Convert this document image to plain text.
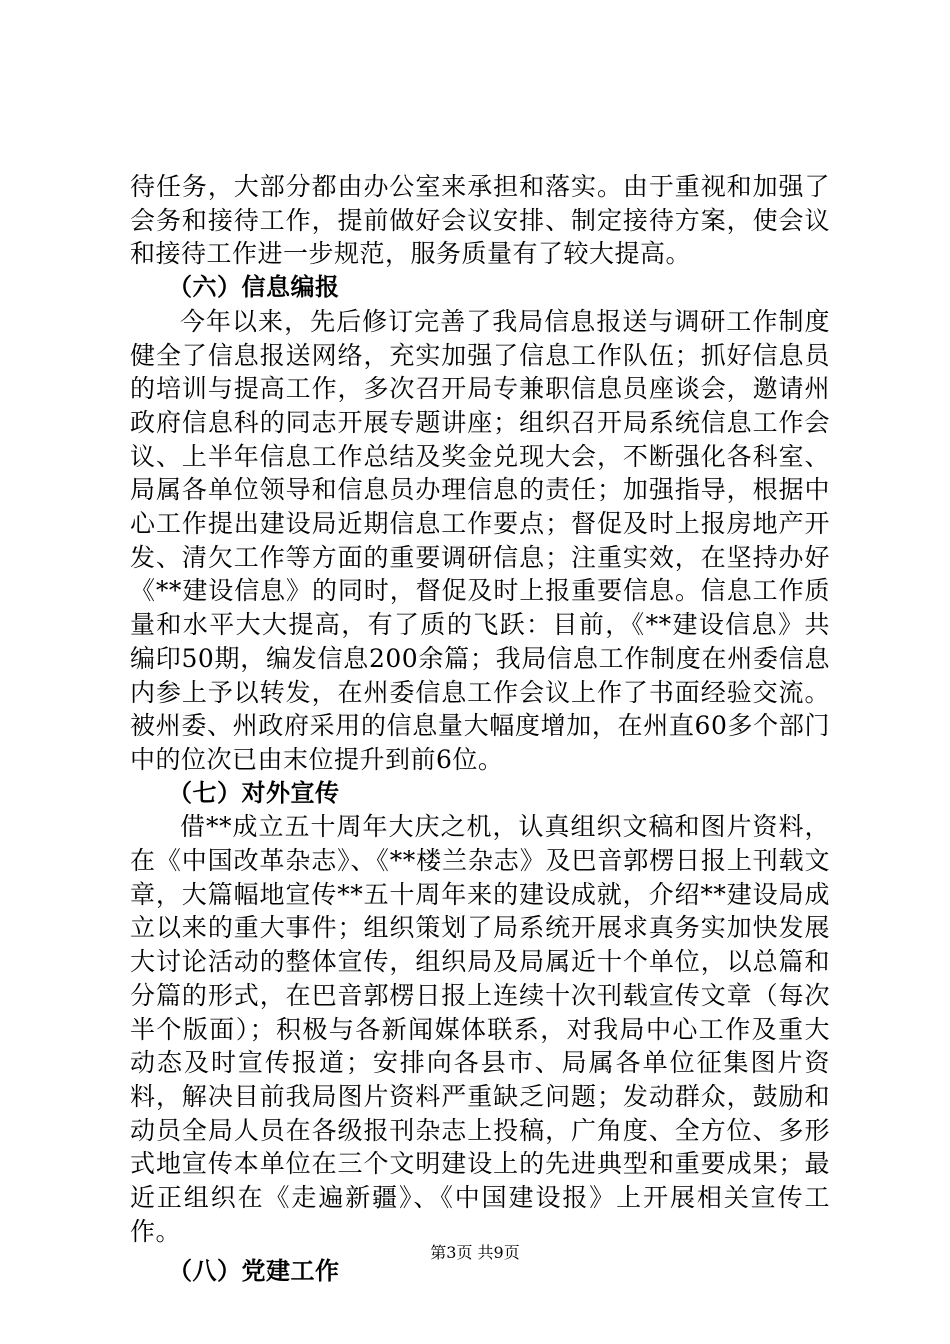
待任务，大部分都由办公室来承担和落实。由于重视和加强了会务和接待工作，提前做好会议安排、制定接待方案，使会议和接待工作进一步规范，服务质量有了较大提高。

（六）信息编报

今年以来，先后修订完善了我局信息报送与调研工作制度健全了信息报送网络，充实加强了信息工作队伍；抓好信息员的培训与提高工作，多次召开局专兼职信息员座谈会，邀请州政府信息科的同志开展专题讲座；组织召开局系统信息工作会议、上半年信息工作总结及奖金兑现大会，不断强化各科室、局属各单位领导和信息员办理信息的责任；加强指导，根据中心工作提出建设局近期信息工作要点；督促及时上报房地产开发、清欠工作等方面的重要调研信息；注重实效，在坚持办好《**建设信息》的同时，督促及时上报重要信息。信息工作质量和水平大大提高，有了质的飞跃：目前，《**建设信息》共编印50期，编发信息200余篇；我局信息工作制度在州委信息内参上予以转发，在州委信息工作会议上作了书面经验交流。被州委、州政府采用的信息量大幅度增加，在州直60多个部门中的位次已由末位提升到前6位。

（七）对外宣传

借**成立五十周年大庆之机，认真组织文稿和图片资料，在《中国改革杂志》、《**楼兰杂志》及巴音郭楞日报上刊载文章，大篇幅地宣传**五十周年来的建设成就，介绍**建设局成立以来的重大事件；组织策划了局系统开展求真务实加快发展大讨论活动的整体宣传，组织局及局属近十个单位，以总篇和分篇的形式，在巴音郭楞日报上连续十次刊载宣传文章（每次半个版面）；积极与各新闻媒体联系，对我局中心工作及重大动态及时宣传报道；安排向各县市、局属各单位征集图片资料，解决目前我局图片资料严重缺乏问题；发动群众，鼓励和动员全局人员在各级报刊杂志上投稿，广角度、全方位、多形式地宣传本单位在三个文明建设上的先进典型和重要成果；最近正组织在《走遍新疆》、《中国建设报》上开展相关宣传工作。

（八）党建工作
第3页 共9页
